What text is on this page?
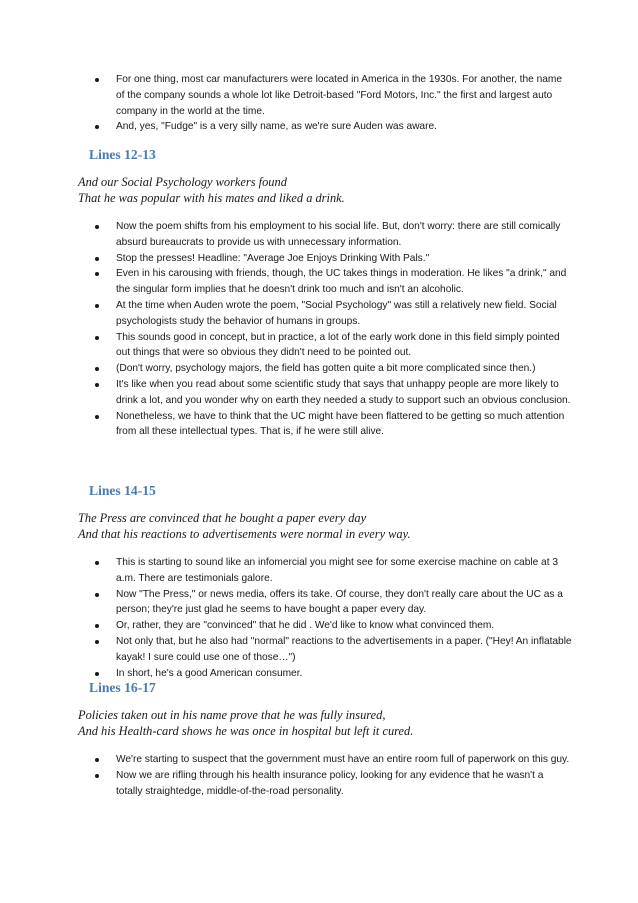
For one thing, most car manufacturers were located in America in the 1930s. For another, the name of the company sounds a whole lot like Detroit-based "Ford Motors, Inc." the first and largest auto company in the world at the time.
And, yes, "Fudge" is a very silly name, as we're sure Auden was aware.
Lines 12-13
And our Social Psychology workers found
That he was popular with his mates and liked a drink.
Now the poem shifts from his employment to his social life. But, don't worry: there are still comically absurd bureaucrats to provide us with unnecessary information.
Stop the presses! Headline: "Average Joe Enjoys Drinking With Pals."
Even in his carousing with friends, though, the UC takes things in moderation. He likes "a drink," and the singular form implies that he doesn't drink too much and isn't an alcoholic.
At the time when Auden wrote the poem, "Social Psychology" was still a relatively new field. Social psychologists study the behavior of humans in groups.
This sounds good in concept, but in practice, a lot of the early work done in this field simply pointed out things that were so obvious they didn't need to be pointed out.
(Don't worry, psychology majors, the field has gotten quite a bit more complicated since then.)
It's like when you read about some scientific study that says that unhappy people are more likely to drink a lot, and you wonder why on earth they needed a study to support such an obvious conclusion.
Nonetheless, we have to think that the UC might have been flattered to be getting so much attention from all these intellectual types. That is, if he were still alive.
Lines 14-15
The Press are convinced that he bought a paper every day
And that his reactions to advertisements were normal in every way.
This is starting to sound like an infomercial you might see for some exercise machine on cable at 3 a.m. There are testimonials galore.
Now "The Press," or news media, offers its take. Of course, they don't really care about the UC as a person; they're just glad he seems to have bought a paper every day.
Or, rather, they are "convinced" that he did . We'd like to know what convinced them.
Not only that, but he also had "normal" reactions to the advertisements in a paper. ("Hey! An inflatable kayak! I sure could use one of those…")
In short, he's a good American consumer.
Lines 16-17
Policies taken out in his name prove that he was fully insured,
And his Health-card shows he was once in hospital but left it cured.
We're starting to suspect that the government must have an entire room full of paperwork on this guy.
Now we are rifling through his health insurance policy, looking for any evidence that he wasn't a totally straightedge, middle-of-the-road personality.
